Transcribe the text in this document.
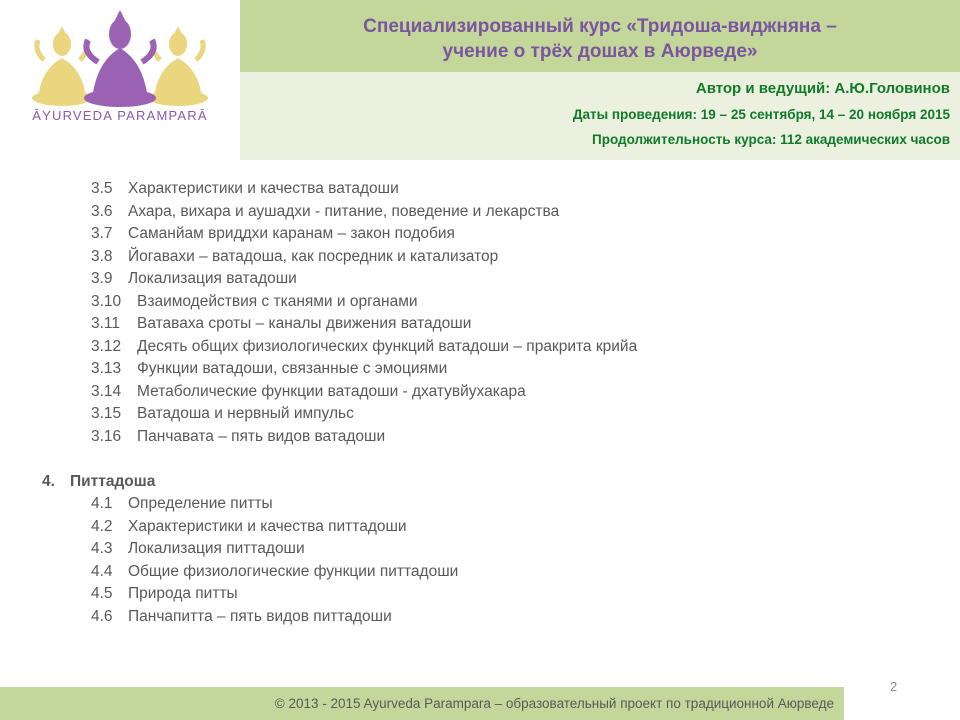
ĀYURVEDA PARAMPARĀ
Специализированный курс «Тридоша-виджняна –
учение о трёх дошах в Аюрведе»
Автор и ведущий: А.Ю.Головинов
Даты проведения: 19 – 25 сентября, 14 – 20 ноября 2015
Продолжительность курса: 112 академических часов
3.5 Характеристики и качества ватадоши
3.6 Ахара, вихара и аушадхи - питание, поведение и лекарства
3.7 Саманйам вриддхи каранам – закон подобия
3.8 Йогавахи – ватадоша, как посредник и катализатор
3.9 Локализация ватадоши
3.10 Взаимодействия с тканями и органами
3.11 Ватаваха сроты – каналы движения ватадоши
3.12 Десять общих физиологических функций ватадоши – пракрита крийа
3.13 Функции ватадоши, связанные с эмоциями
3.14 Метаболические функции ватадоши - дхатувйухакара
3.15 Ватадоша и нервный импульс
3.16 Панчавата – пять видов ватадоши
4. Питтадоша
4.1 Определение питты
4.2 Характеристики и качества питтадоши
4.3 Локализация питтадоши
4.4 Общие физиологические функции питтадоши
4.5 Природа питты
4.6 Панчапитта – пять видов питтадоши
2
© 2013 - 2015 Ayurveda Parampara – образовательный проект по традиционной Аюрведе
